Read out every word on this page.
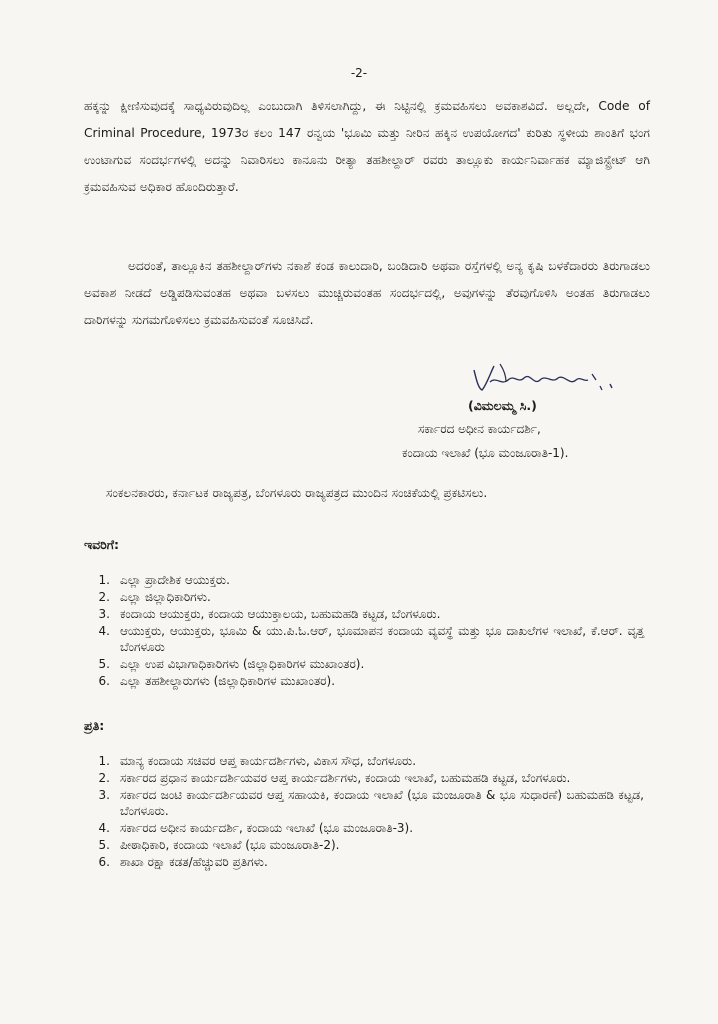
-2-
ಹಕ್ಕನ್ನು ಕ್ಷೀಣಿಸುವುದಕ್ಕೆ ಸಾಧ್ಯವಿರುವುದಿಲ್ಲ ಎಂಬುದಾಗಿ ತಿಳಿಸಲಾಗಿದ್ದು, ಈ ನಿಟ್ಟಿನಲ್ಲಿ ಕ್ರಮವಹಿಸಲು ಅವಕಾಶವಿದೆ. ಅಲ್ಲದೇ, Code of Criminal Procedure, 1973ರ ಕಲಂ 147 ರನ್ವಯ 'ಭೂಮಿ ಮತ್ತು ನೀರಿನ ಹಕ್ಕಿನ ಉಪಯೋಗದ' ಕುರಿತು ಸ್ಥಳೀಯ ಶಾಂತಿಗೆ ಭಂಗ ಉಂಟಾಗುವ ಸಂದರ್ಭಗಳಲ್ಲಿ ಅದನ್ನು ನಿವಾರಿಸಲು ಕಾನೂನು ರೀತ್ಯಾ ತಹಶೀಲ್ದಾರ್ ರವರು ತಾಲ್ಲೂಕು ಕಾರ್ಯನಿರ್ವಾಹಕ ಮ್ಯಾಜಿಸ್ಟ್ರೇಟ್ ಆಗಿ ಕ್ರಮವಹಿಸುವ ಅಧಿಕಾರ ಹೊಂದಿರುತ್ತಾರೆ.
ಅದರಂತೆ, ತಾಲ್ಲೂಕಿನ ತಹಶೀಲ್ದಾರ್‌ಗಳು ನಕಾಶೆ ಕಂಡ ಕಾಲುದಾರಿ, ಬಂಡಿದಾರಿ ಅಥವಾ ರಸ್ತೆಗಳಲ್ಲಿ ಅನ್ಯ ಕೃಷಿ ಬಳಕೆದಾರರು ತಿರುಗಾಡಲು ಅವಕಾಶ ನೀಡದೆ ಅಡ್ಡಿಪಡಿಸುವಂತಹ ಅಥವಾ ಬಳಸಲು ಮುಚ್ಚಿರುವಂತಹ ಸಂದರ್ಭದಲ್ಲಿ, ಅವುಗಳನ್ನು ತೆರವುಗೊಳಿಸಿ ಅಂತಹ ತಿರುಗಾಡಲು ದಾರಿಗಳನ್ನು ಸುಗಮಗೊಳಿಸಲು ಕ್ರಮವಹಿಸುವಂತೆ ಸೂಚಿಸಿದೆ.
(ವಿಮಲಮ್ಮ ಸಿ.)
ಸರ್ಕಾರದ ಅಧೀನ ಕಾರ್ಯದರ್ಶಿ,
ಕಂದಾಯ ಇಲಾಖೆ (ಭೂ ಮಂಜೂರಾತಿ-1).
ಸಂಕಲನಕಾರರು, ಕರ್ನಾಟಕ ರಾಜ್ಯಪತ್ರ, ಬೆಂಗಳೂರು ರಾಜ್ಯಪತ್ರದ ಮುಂದಿನ ಸಂಚಿಕೆಯಲ್ಲಿ ಪ್ರಕಟಿಸಲು.
ಇವರಿಗೆ:
1. ಎಲ್ಲಾ ಪ್ರಾದೇಶಿಕ ಆಯುಕ್ತರು.
2. ಎಲ್ಲಾ ಜಿಲ್ಲಾಧಿಕಾರಿಗಳು.
3. ಕಂದಾಯ ಆಯುಕ್ತರು, ಕಂದಾಯ ಆಯುಕ್ತಾಲಯ, ಬಹುಮಹಡಿ ಕಟ್ಟಡ, ಬೆಂಗಳೂರು.
4. ಆಯುಕ್ತರು, ಆಯುಕ್ತರು, ಭೂಮಿ & ಯು.ಪಿ.ಓ.ಆರ್, ಭೂಮಾಪನ ಕಂದಾಯ ವ್ಯವಸ್ಥೆ ಮತ್ತು ಭೂ ದಾಖಲೆಗಳ ಇಲಾಖೆ, ಕೆ.ಆರ್. ವೃತ್ತ ಬೆಂಗಳೂರು
5. ಎಲ್ಲಾ ಉಪ ವಿಭಾಗಾಧಿಕಾರಿಗಳು (ಜಿಲ್ಲಾಧಿಕಾರಿಗಳ ಮುಖಾಂತರ).
6. ಎಲ್ಲಾ ತಹಶೀಲ್ದಾರುಗಳು (ಜಿಲ್ಲಾಧಿಕಾರಿಗಳ ಮುಖಾಂತರ).
ಪ್ರತಿ:
1. ಮಾನ್ಯ ಕಂದಾಯ ಸಚಿವರ ಆಪ್ತ ಕಾರ್ಯದರ್ಶಿಗಳು, ವಿಕಾಸ ಸೌಧ, ಬೆಂಗಳೂರು.
2. ಸರ್ಕಾರದ ಪ್ರಧಾನ ಕಾರ್ಯದರ್ಶಿಯವರ ಆಪ್ತ ಕಾರ್ಯದರ್ಶಿಗಳು, ಕಂದಾಯ ಇಲಾಖೆ, ಬಹುಮಹಡಿ ಕಟ್ಟಡ, ಬೆಂಗಳೂರು.
3. ಸರ್ಕಾರದ ಜಂಟಿ ಕಾರ್ಯದರ್ಶಿಯವರ ಆಪ್ತ ಸಹಾಯಕಿ, ಕಂದಾಯ ಇಲಾಖೆ (ಭೂ ಮಂಜೂರಾತಿ & ಭೂ ಸುಧಾರಣೆ) ಬಹುಮಹಡಿ ಕಟ್ಟಡ, ಬೆಂಗಳೂರು.
4. ಸರ್ಕಾರದ ಅಧೀನ ಕಾರ್ಯದರ್ಶಿ, ಕಂದಾಯ ಇಲಾಖೆ (ಭೂ ಮಂಜೂರಾತಿ-3).
5. ಪೀಠಾಧಿಕಾರಿ, ಕಂದಾಯ ಇಲಾಖೆ (ಭೂ ಮಂಜೂರಾತಿ-2).
6. ಶಾಖಾ ರಕ್ಷಾ ಕಡತ/ಹೆಚ್ಚುವರಿ ಪ್ರತಿಗಳು.
